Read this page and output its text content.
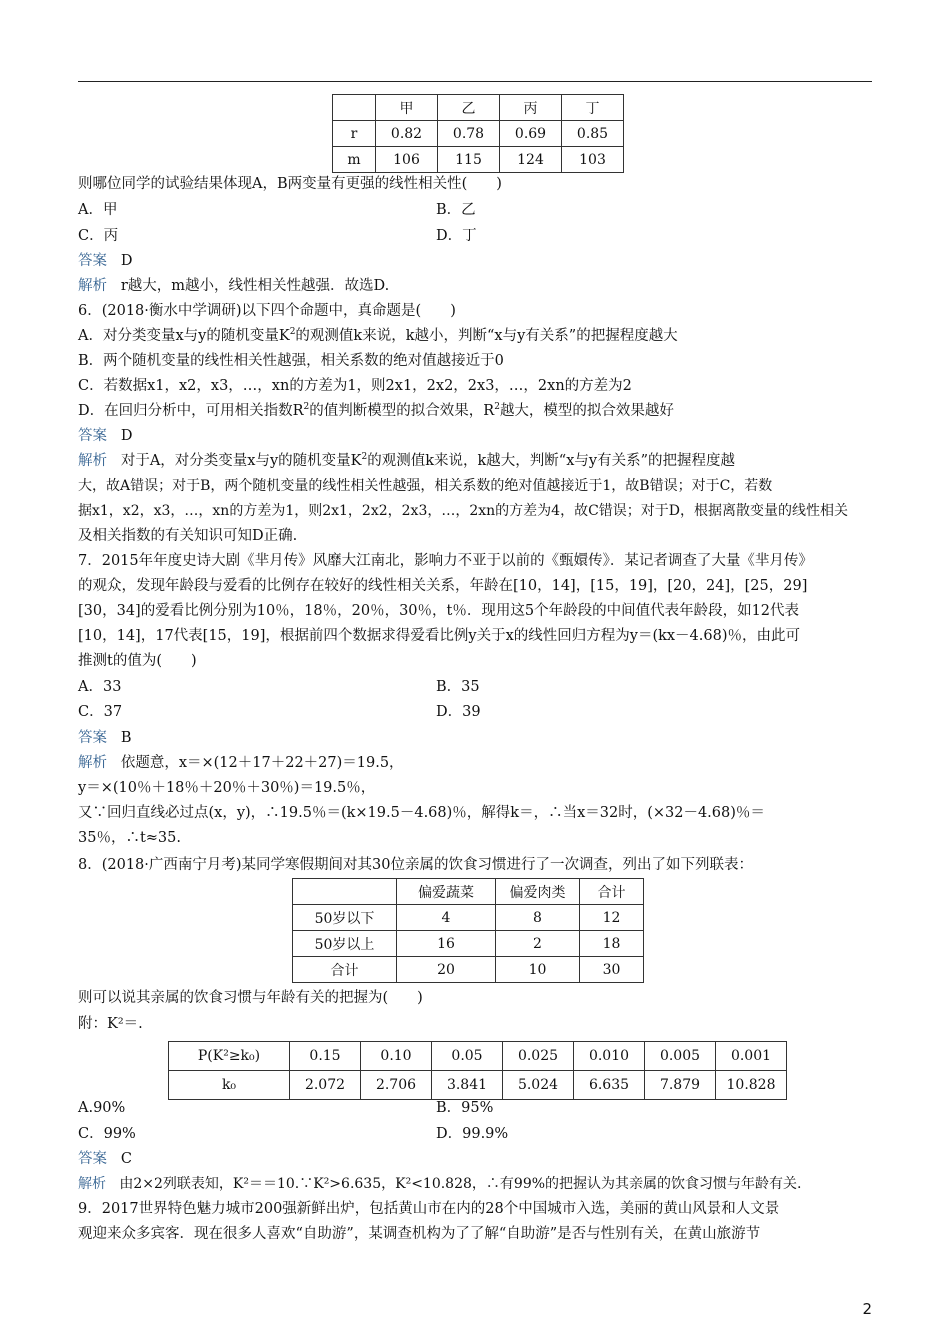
	甲	乙	丙	丁
r	0.82	0.78	0.69	0.85
m	106	115	124	103
则哪位同学的试验结果体现A，B两变量有更强的线性相关性(　　)
A．甲	B．乙
C．丙	D．丁
答案 D
解析 r越大，m越小，线性相关性越强．故选D.
6．(2018·衡水中学调研)以下四个命题中，真命题是(　　)
A．对分类变量x与y的随机变量$K^2$的观测值k来说，k越小，判断“x与y有关系”的把握程度越大
B．两个随机变量的线性相关性越强，相关系数的绝对值越接近于0
C．若数据x1，x2，x3，…，xn的方差为1，则2x1，2x2，2x3，…，2xn的方差为2
D．在回归分析中，可用相关指数$R^2$的值判断模型的拟合效果，$R^2$越大，模型的拟合效果越好
答案 D
解析 对于A，对分类变量x与y的随机变量$K^2$的观测值k来说，k越大，判断“x与y有关系”的把握程度越
大，故A错误；对于B，两个随机变量的线性相关性越强，相关系数的绝对值越接近于1，故B错误；对于C，若数
据x1，x2，x3，…，xn的方差为1，则2x1，2x2，2x3，…，2xn的方差为4，故C错误；对于D，根据离散变量的线性相关
及相关指数的有关知识可知D正确.
7．2015年年度史诗大剧《芈月传》风靡大江南北，影响力不亚于以前的《甄嬛传》．某记者调查了大量《芈月传》
的观众，发现年龄段与爱看的比例存在较好的线性相关关系，年龄在[10，14]，[15，19]，[20，24]，[25，29]
[30，34]的爱看比例分别为10％，18％，20％，30％，t％．现用这5个年龄段的中间值代表年龄段，如12代表
[10，14]，17代表[15，19]，根据前四个数据求得爱看比例y关于x的线性回归方程为y＝(kx－4.68)％，由此可
推测t的值为(　　)
A．33	B．35
C．37	D．39
答案 B
解析 依题意，x＝×(12＋17＋22＋27)＝19.5，
y＝×(10％＋18％＋20％＋30％)＝19.5％，
又∵回归直线必过点(x，y)，∴19.5％＝(k×19.5－4.68)％，解得k＝，∴当x＝32时，(×32－4.68)％＝
35％，∴t≈35.
8．(2018·广西南宁月考)某同学寒假期间对其30位亲属的饮食习惯进行了一次调查，列出了如下列联表：
	偏爱蔬菜	偏爱肉类	合计
50岁以下	4	8	12
50岁以上	16	2	18
合计	20	10	30
则可以说其亲属的饮食习惯与年龄有关的把握为(　　)
附：K²＝.
P(K²≥k₀)	0.15	0.10	0.05	0.025	0.010	0.005	0.001
k₀	2.072	2.706	3.841	5.024	6.635	7.879	10.828
A.90%	B．95%
C．99%	D．99.9%
答案 C
解析 由2×2列联表知，K²＝＝10.∵K²>6.635，K²<10.828，∴有99%的把握认为其亲属的饮食习惯与年龄有关.
9．2017世界特色魅力城市200强新鲜出炉，包括黄山市在内的28个中国城市入选，美丽的黄山风景和人文景
观迎来众多宾客．现在很多人喜欢“自助游”，某调查机构为了了解“自助游”是否与性别有关，在黄山旅游节
2
